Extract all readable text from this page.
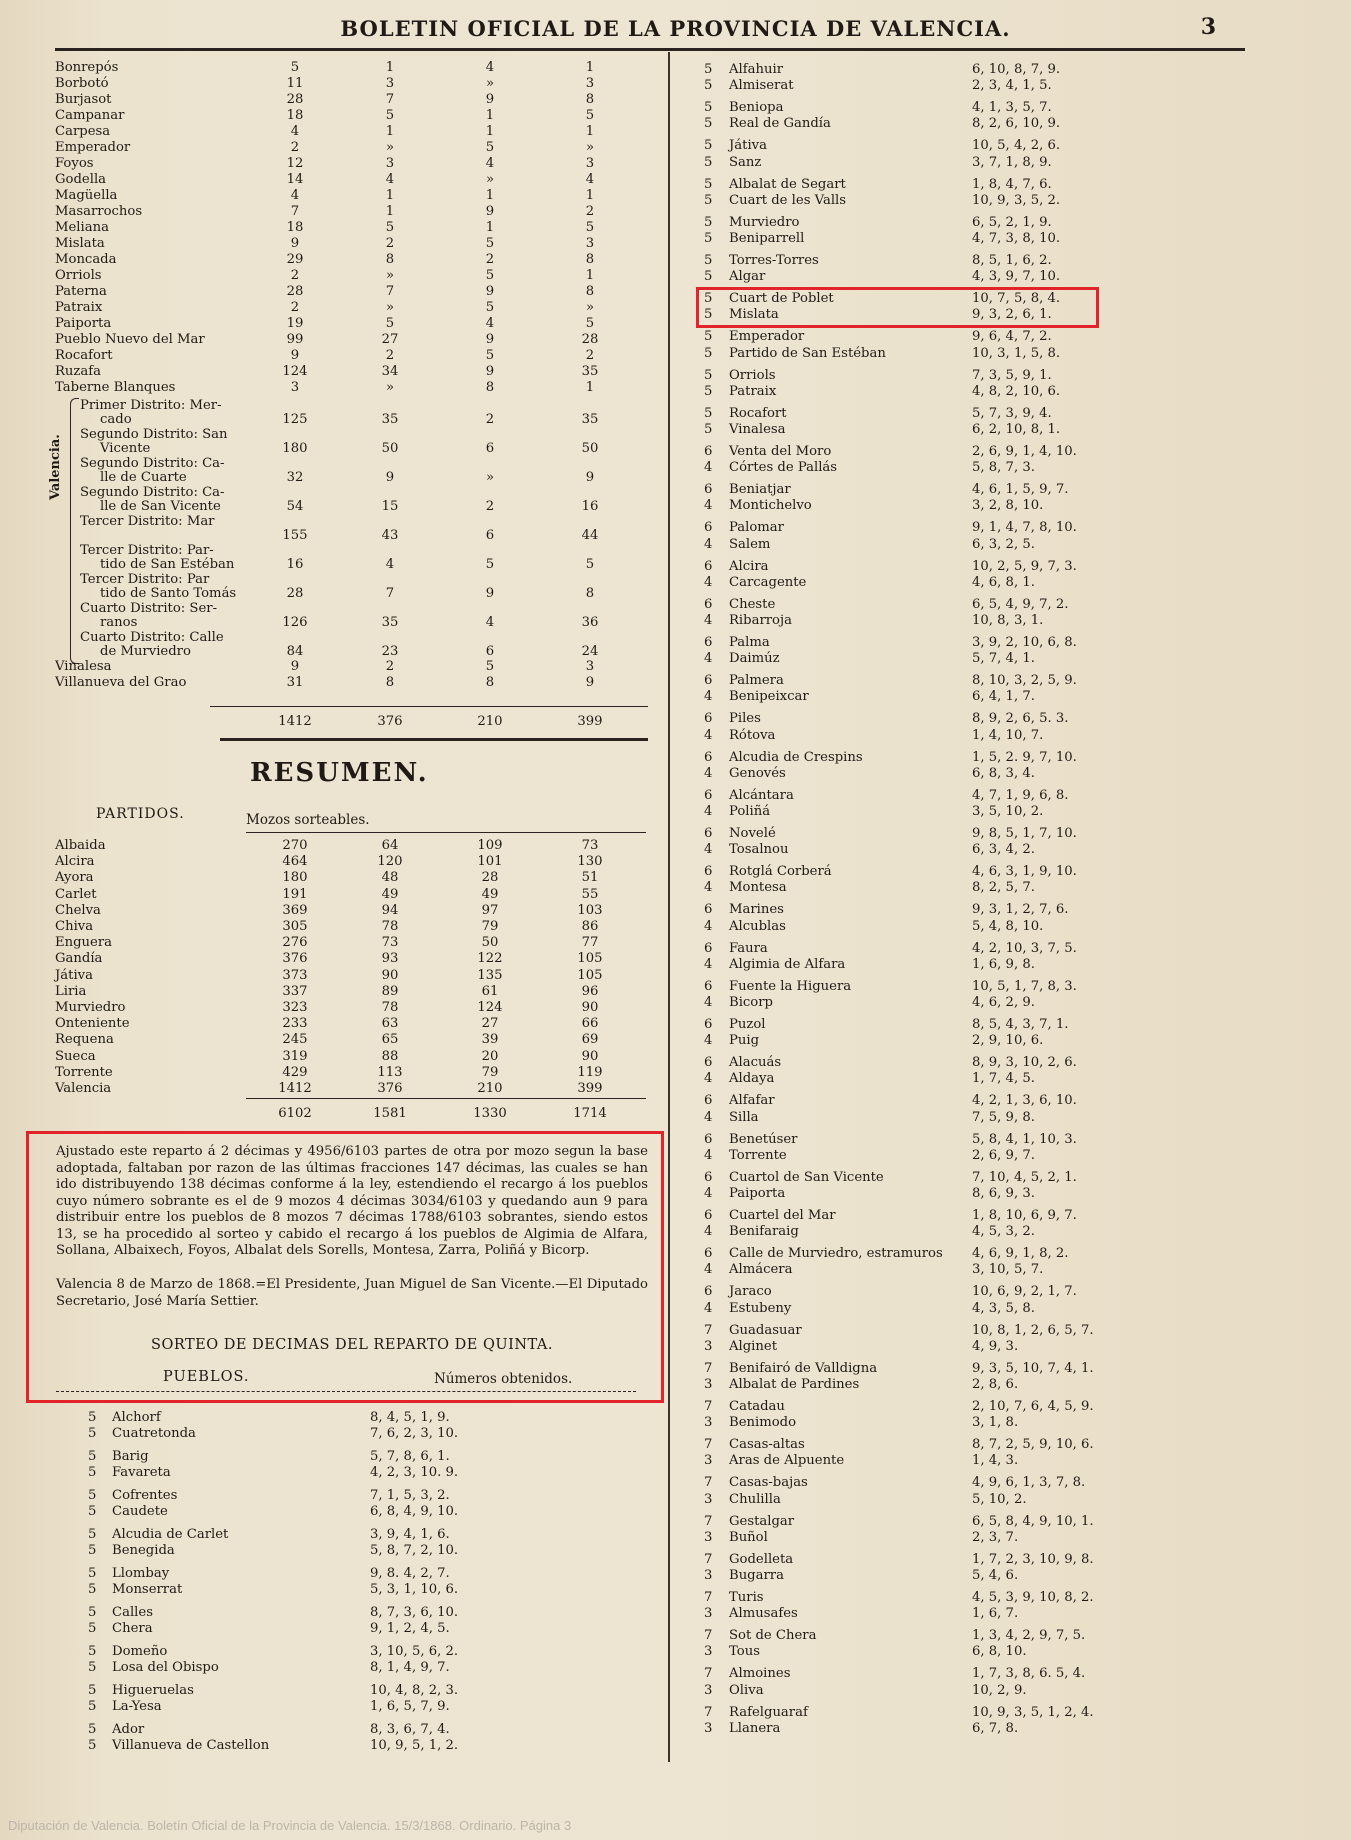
BOLETIN OFICIAL DE LA PROVINCIA DE VALENCIA.	3
Bonrepós	5	1	4	1
Borbotó	11	3	»	3
Burjasot	28	7	9	8
Campanar	18	5	1	5
Carpesa	4	1	1	1
Emperador	2	»	5	»
Foyos	12	3	4	3
Godella	14	4	»	4
Magüella	4	1	1	1
Masarrochos	7	1	9	2
Meliana	18	5	1	5
Mislata	9	2	5	3
Moncada	29	8	2	8
Orriols	2	»	5	1
Paterna	28	7	9	8
Patraix	2	»	5	»
Paiporta	19	5	4	5
Pueblo Nuevo del Mar	99	27	9	28
Rocafort	9	2	5	2
Ruzafa	124	34	9	35
Taberne Blanques	3	»	8	1
Primer Distrito: Mer-
cado	125	35	2	35
Segundo Distrito: San
Vicente	180	50	6	50
Segundo Distrito: Ca-
lle de Cuarte	32	9	»	9
Segundo Distrito: Ca-
lle de San Vicente	54	15	2	16
Tercer Distrito: Mar
155	43	6	44
Tercer Distrito: Par-
tido de San Estéban	16	4	5	5
Tercer Distrito: Par
tido de Santo Tomás	28	7	9	8
Cuarto Distrito: Ser-
ranos	126	35	4	36
Cuarto Distrito: Calle
de Murviedro	84	23	6	24
Vinalesa	9	2	5	3
Villanueva del Grao	31	8	8	9
Valencia.
1412	376	210	399
RESUMEN.
PARTIDOS.	Mozos sorteables.
Albaida	270	64	109	73
Alcira	464	120	101	130
Ayora	180	48	28	51
Carlet	191	49	49	55
Chelva	369	94	97	103
Chiva	305	78	79	86
Enguera	276	73	50	77
Gandía	376	93	122	105
Játiva	373	90	135	105
Liria	337	89	61	96
Murviedro	323	78	124	90
Onteniente	233	63	27	66
Requena	245	65	39	69
Sueca	319	88	20	90
Torrente	429	113	79	119
Valencia	1412	376	210	399
6102	1581	1330	1714
Ajustado este reparto á 2 décimas y 4956/6103 partes de otra por mozo segun la base adoptada, faltaban por razon de las últimas fracciones 147 décimas, las cuales se han ido distribuyendo 138 décimas conforme á la ley, estendiendo el recargo á los pueblos cuyo número sobrante es el de 9 mozos 4 décimas 3034/6103 y quedando aun 9 para distribuir entre los pueblos de 8 mozos 7 décimas 1788/6103 sobrantes, siendo estos 13, se ha procedido al sorteo y cabido el recargo á los pueblos de Algimia de Alfara, Sollana, Albaixech, Foyos, Albalat dels Sorells, Montesa, Zarra, Poliñá y Bicorp.
Valencia 8 de Marzo de 1868.=El Presidente, Juan Miguel de San Vicente.—El Diputado Secretario, José María Settier.
SORTEO DE DECIMAS DEL REPARTO DE QUINTA.
PUEBLOS.	Números obtenidos.
5 Alchorf	8, 4, 5, 1, 9.
5 Cuatretonda	7, 6, 2, 3, 10.
5 Barig	5, 7, 8, 6, 1.
5 Favareta	4, 2, 3, 10. 9.
5 Cofrentes	7, 1, 5, 3, 2.
5 Caudete	6, 8, 4, 9, 10.
5 Alcudia de Carlet	3, 9, 4, 1, 6.
5 Benegida	5, 8, 7, 2, 10.
5 Llombay	9, 8. 4, 2, 7.
5 Monserrat	5, 3, 1, 10, 6.
5 Calles	8, 7, 3, 6, 10.
5 Chera	9, 1, 2, 4, 5.
5 Domeño	3, 10, 5, 6, 2.
5 Losa del Obispo	8, 1, 4, 9, 7.
5 Higueruelas	10, 4, 8, 2, 3.
5 La-Yesa	1, 6, 5, 7, 9.
5 Ador	8, 3, 6, 7, 4.
5 Villanueva de Castellon	10, 9, 5, 1, 2.
5 Alfahuir	6, 10, 8, 7, 9.
5 Almiserat	2, 3, 4, 1, 5.
5 Beniopa	4, 1, 3, 5, 7.
5 Real de Gandía	8, 2, 6, 10, 9.
5 Játiva	10, 5, 4, 2, 6.
5 Sanz	3, 7, 1, 8, 9.
5 Albalat de Segart	1, 8, 4, 7, 6.
5 Cuart de les Valls	10, 9, 3, 5, 2.
5 Murviedro	6, 5, 2, 1, 9.
5 Beniparrell	4, 7, 3, 8, 10.
5 Torres-Torres	8, 5, 1, 6, 2.
5 Algar	4, 3, 9, 7, 10.
5 Cuart de Poblet	10, 7, 5, 8, 4.
5 Mislata	9, 3, 2, 6, 1.
5 Emperador	9, 6, 4, 7, 2.
5 Partido de San Estéban	10, 3, 1, 5, 8.
5 Orriols	7, 3, 5, 9, 1.
5 Patraix	4, 8, 2, 10, 6.
5 Rocafort	5, 7, 3, 9, 4.
5 Vinalesa	6, 2, 10, 8, 1.
6 Venta del Moro	2, 6, 9, 1, 4, 10.
4 Córtes de Pallás	5, 8, 7, 3.
6 Beniatjar	4, 6, 1, 5, 9, 7.
4 Montichelvo	3, 2, 8, 10.
6 Palomar	9, 1, 4, 7, 8, 10.
4 Salem	6, 3, 2, 5.
6 Alcira	10, 2, 5, 9, 7, 3.
4 Carcagente	4, 6, 8, 1.
6 Cheste	6, 5, 4, 9, 7, 2.
4 Ribarroja	10, 8, 3, 1.
6 Palma	3, 9, 2, 10, 6, 8.
4 Daimúz	5, 7, 4, 1.
6 Palmera	8, 10, 3, 2, 5, 9.
4 Benipeixcar	6, 4, 1, 7.
6 Piles	8, 9, 2, 6, 5. 3.
4 Rótova	1, 4, 10, 7.
6 Alcudia de Crespins	1, 5, 2. 9, 7, 10.
4 Genovés	6, 8, 3, 4.
6 Alcántara	4, 7, 1, 9, 6, 8.
4 Poliñá	3, 5, 10, 2.
6 Novelé	9, 8, 5, 1, 7, 10.
4 Tosalnou	6, 3, 4, 2.
6 Rotglá Corberá	4, 6, 3, 1, 9, 10.
4 Montesa	8, 2, 5, 7.
6 Marines	9, 3, 1, 2, 7, 6.
4 Alcublas	5, 4, 8, 10.
6 Faura	4, 2, 10, 3, 7, 5.
4 Algimia de Alfara	1, 6, 9, 8.
6 Fuente la Higuera	10, 5, 1, 7, 8, 3.
4 Bicorp	4, 6, 2, 9.
6 Puzol	8, 5, 4, 3, 7, 1.
4 Puig	2, 9, 10, 6.
6 Alacuás	8, 9, 3, 10, 2, 6.
4 Aldaya	1, 7, 4, 5.
6 Alfafar	4, 2, 1, 3, 6, 10.
4 Silla	7, 5, 9, 8.
6 Benetúser	5, 8, 4, 1, 10, 3.
4 Torrente	2, 6, 9, 7.
6 Cuartol de San Vicente	7, 10, 4, 5, 2, 1.
4 Paiporta	8, 6, 9, 3.
6 Cuartel del Mar	1, 8, 10, 6, 9, 7.
4 Benifaraig	4, 5, 3, 2.
6 Calle de Murviedro, estramuros 4, 6, 9, 1, 8, 2.
4 Almácera	3, 10, 5, 7.
6 Jaraco	10, 6, 9, 2, 1, 7.
4 Estubeny	4, 3, 5, 8.
7 Guadasuar	10, 8, 1, 2, 6, 5, 7.
3 Alginet	4, 9, 3.
7 Benifairó de Valldigna	9, 3, 5, 10, 7, 4, 1.
3 Albalat de Pardines	2, 8, 6.
7 Catadau	2, 10, 7, 6, 4, 5, 9.
3 Benimodo	3, 1, 8.
7 Casas-altas	8, 7, 2, 5, 9, 10, 6.
3 Aras de Alpuente	1, 4, 3.
7 Casas-bajas	4, 9, 6, 1, 3, 7, 8.
3 Chulilla	5, 10, 2.
7 Gestalgar	6, 5, 8, 4, 9, 10, 1.
3 Buñol	2, 3, 7.
7 Godelleta	1, 7, 2, 3, 10, 9, 8.
3 Bugarra	5, 4, 6.
7 Turis	4, 5, 3, 9, 10, 8, 2.
3 Almusafes	1, 6, 7.
7 Sot de Chera	1, 3, 4, 2, 9, 7, 5.
3 Tous	6, 8, 10.
7 Almoines	1, 7, 3, 8, 6. 5, 4.
3 Oliva	10, 2, 9.
7 Rafelguaraf	10, 9, 3, 5, 1, 2, 4.
3 Llanera	6, 7, 8.
Diputación de Valencia. Boletín Oficial de la Provincia de Valencia. 15/3/1868. Ordinario. Página 3
